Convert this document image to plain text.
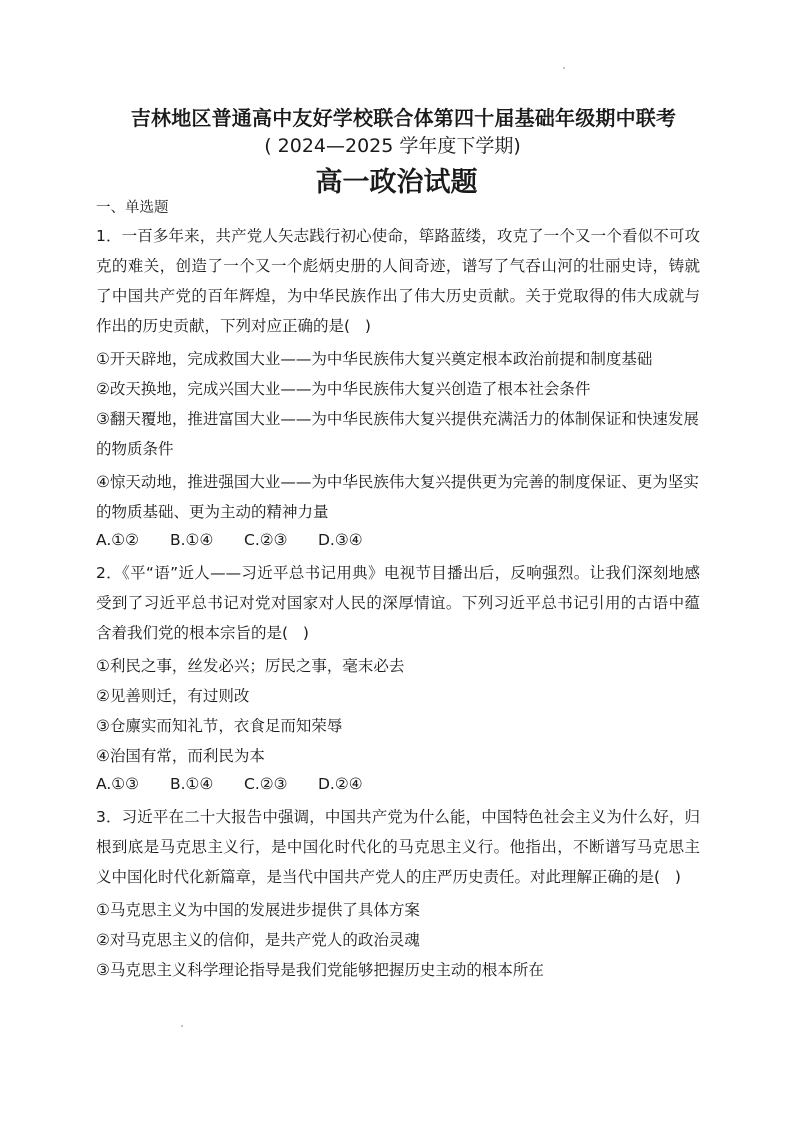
吉林地区普通高中友好学校联合体第四十届基础年级期中联考
( 2024—2025 学年度下学期)
高一政治试题

一、单选题

1．一百多年来，共产党人矢志践行初心使命，筚路蓝缕，攻克了一个又一个看似不可攻克的难关，创造了一个又一个彪炳史册的人间奇迹，谱写了气吞山河的壮丽史诗，铸就了中国共产党的百年辉煌，为中华民族作出了伟大历史贡献。关于党取得的伟大成就与作出的历史贡献，下列对应正确的是(   )

①开天辟地，完成救国大业——为中华民族伟大复兴奠定根本政治前提和制度基础

②改天换地，完成兴国大业——为中华民族伟大复兴创造了根本社会条件

③翻天覆地，推进富国大业——为中华民族伟大复兴提供充满活力的体制保证和快速发展的物质条件

④惊天动地，推进强国大业——为中华民族伟大复兴提供更为完善的制度保证、更为坚实的物质基础、更为主动的精神力量

A.①②	B.①④	C.②③	D.③④

2．《平“语”近人——习近平总书记用典》电视节目播出后，反响强烈。让我们深刻地感受到了习近平总书记对党对国家对人民的深厚情谊。下列习近平总书记引用的古语中蕴含着我们党的根本宗旨的是(   )

①利民之事，丝发必兴；厉民之事，毫末必去

②见善则迁，有过则改

③仓廪实而知礼节，衣食足而知荣辱

④治国有常，而利民为本

A.①③	B.①④	C.②③	D.②④

3．习近平在二十大报告中强调，中国共产党为什么能，中国特色社会主义为什么好，归根到底是马克思主义行，是中国化时代化的马克思主义行。他指出，不断谱写马克思主义中国化时代化新篇章，是当代中国共产党人的庄严历史责任。对此理解正确的是(   )

①马克思主义为中国的发展进步提供了具体方案

②对马克思主义的信仰，是共产党人的政治灵魂

③马克思主义科学理论指导是我们党能够把握历史主动的根本所在
